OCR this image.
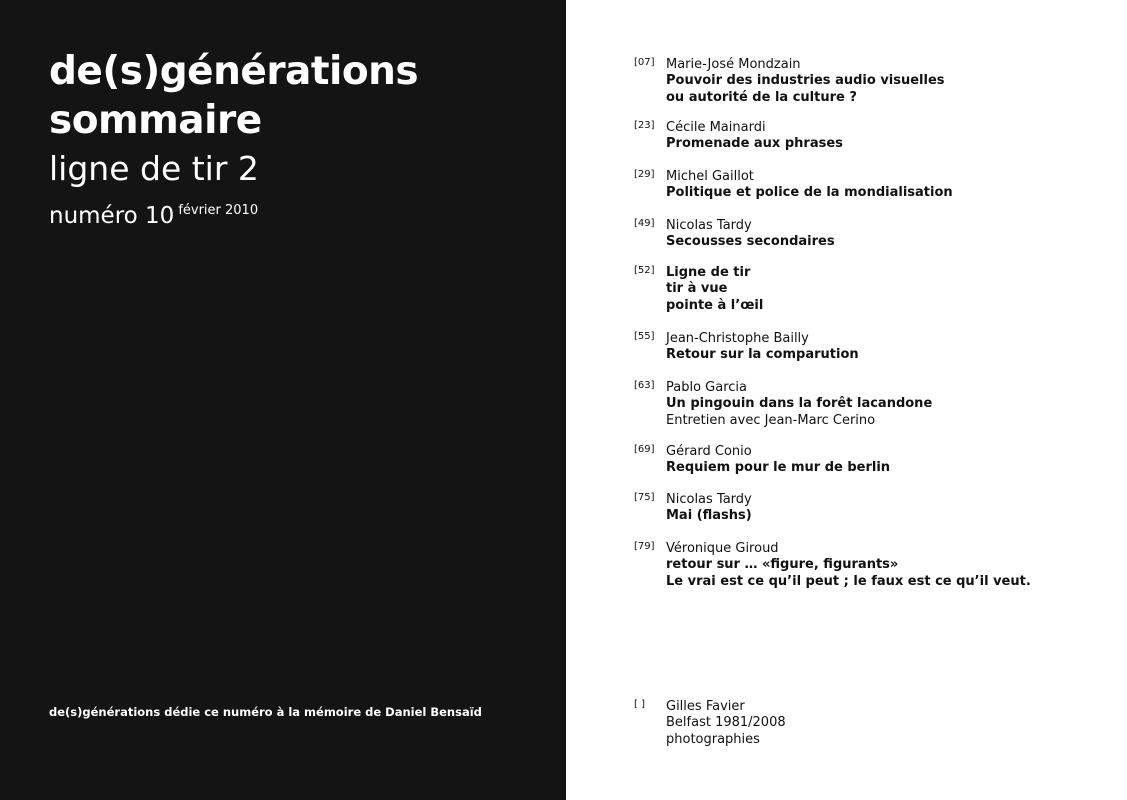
de(s)générations
sommaire
ligne de tir 2
numéro 10 $^{février 2010}$
de(s)générations dédie ce numéro à la mémoire de Daniel Bensaïd
[07] Marie-José Mondzain
Pouvoir des industries audio visuelles
ou autorité de la culture ?
[23] Cécile Mainardi
Promenade aux phrases
[29] Michel Gaillot
Politique et police de la mondialisation
[49] Nicolas Tardy
Secousses secondaires
[52] Ligne de tir
tir à vue
pointe à l’œil
[55] Jean-Christophe Bailly
Retour sur la comparution
[63] Pablo Garcia
Un pingouin dans la forêt lacandone
Entretien avec Jean-Marc Cerino
[69] Gérard Conio
Requiem pour le mur de berlin
[75] Nicolas Tardy
Mai (flashs)
[79] Véronique Giroud
retour sur … «figure, figurants»
Le vrai est ce qu’il peut ; le faux est ce qu’il veut.
[ ] Gilles Favier
Belfast 1981/2008
photographies
